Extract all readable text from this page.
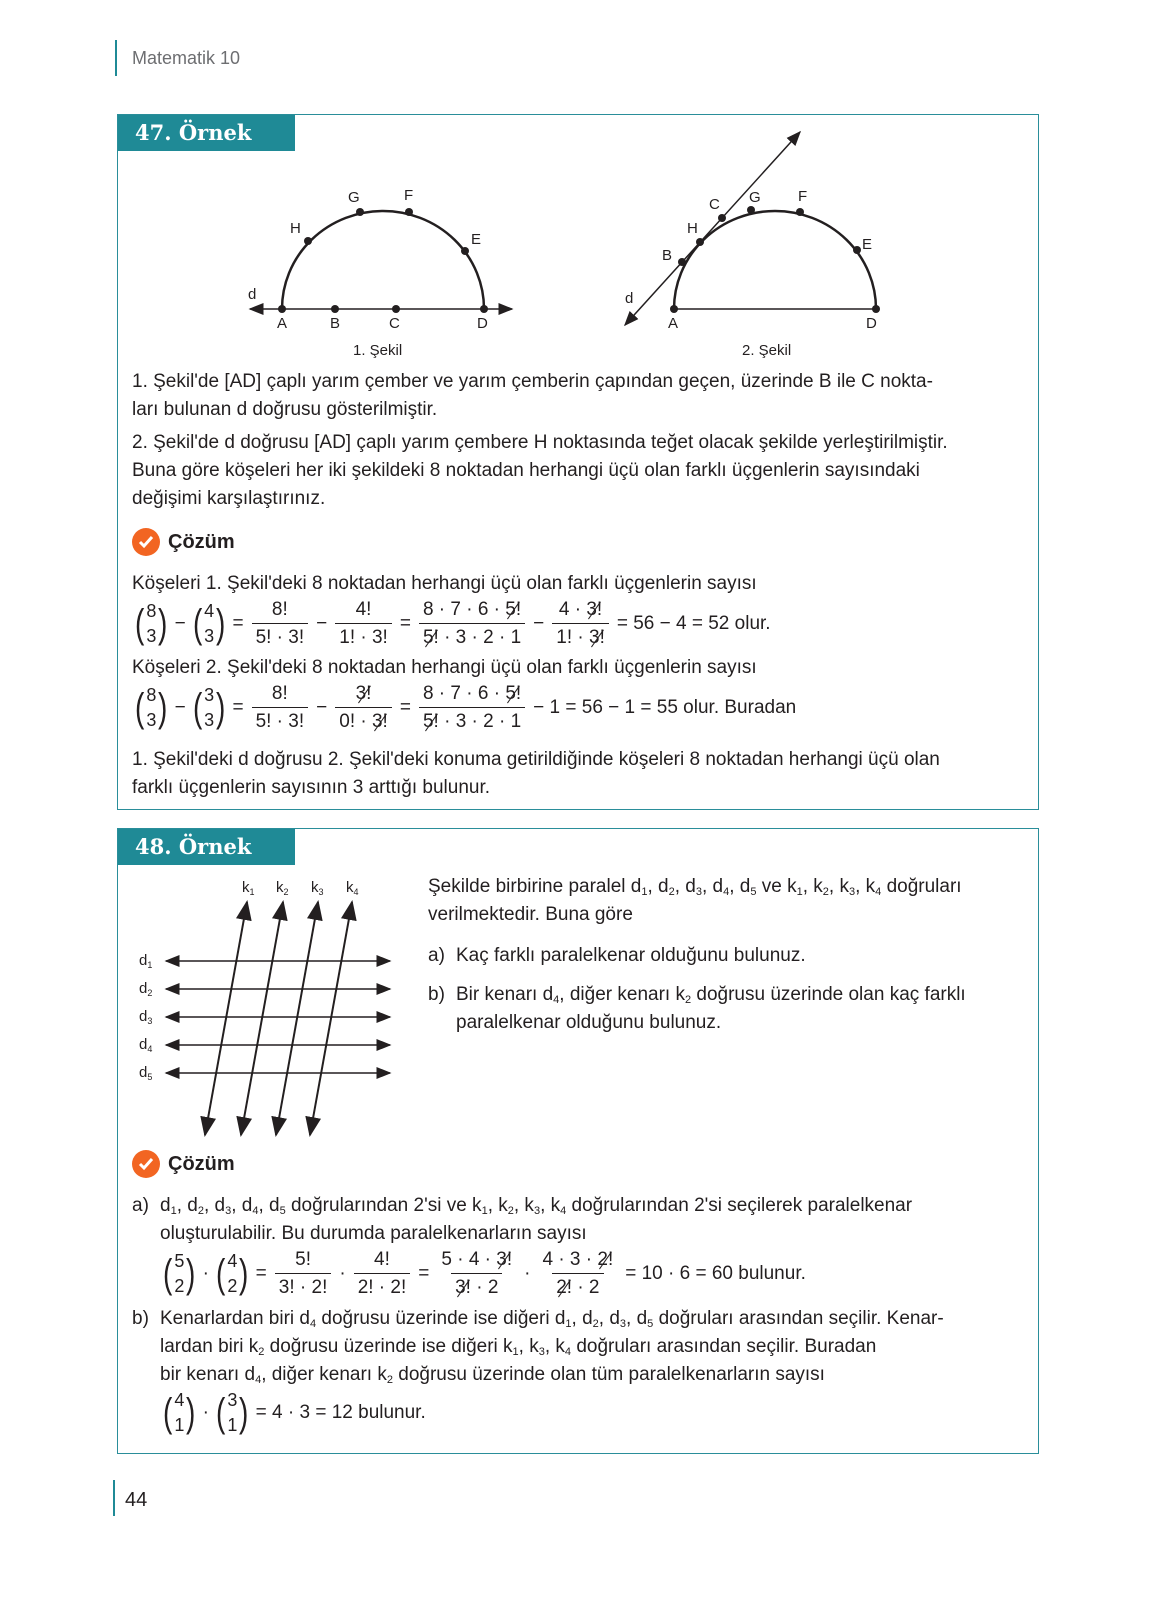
Matematik 10
47. Örnek
A	B	C	D
E
F
G
H
d
1. Şekil
A	D
E
F
G
C
H
B
d
2. Şekil
1. Şekil'de [AD] çaplı yarım çember ve yarım çemberin çapından geçen, üzerinde B ile C nokta-
ları bulunan d doğrusu gösterilmiştir.
2. Şekil'de d doğrusu [AD] çaplı yarım çembere H noktasında teğet olacak şekilde yerleştirilmiştir.
Buna göre köşeleri her iki şekildeki 8 noktadan herhangi üçü olan farklı üçgenlerin sayısındaki
değişimi karşılaştırınız.
Çözüm
Köşeleri 1. Şekil'deki 8 noktadan herhangi üçü olan farklı üçgenlerin sayısı
( 8
3 ) − ( 4
3 ) = $\frac{8!}{5! \cdot 3!} - \frac{4!}{1! \cdot 3!} = \frac{8 \cdot 7 \cdot 6 \cdot 5!}{5! \cdot 3 \cdot 2 \cdot 1} - \frac{4 \cdot 3!}{1! \cdot 3!} = 56 - 4 = 52$ olur.
Köşeleri 2. Şekil'deki 8 noktadan herhangi üçü olan farklı üçgenlerin sayısı
( 8
3 ) − ( 3
3 ) = $\frac{8!}{5! \cdot 3!} - \frac{3!}{0! \cdot 3!} = \frac{8 \cdot 7 \cdot 6 \cdot 5!}{5! \cdot 3 \cdot 2 \cdot 1} - 1 = 56 - 1 = 55$ olur. Buradan
1. Şekil'deki d doğrusu 2. Şekil'deki konuma getirildiğinde köşeleri 8 noktadan herhangi üçü olan
farklı üçgenlerin sayısının 3 arttığı bulunur.
48. Örnek
$k_1$ $k_2$ $k_3$ $k_4$
$d_1$
$d_2$
$d_3$
$d_4$
$d_5$
Şekilde birbirine paralel $d_1$, $d_2$, $d_3$, $d_4$, $d_5$ ve $k_1$, $k_2$, $k_3$, $k_4$ doğruları
verilmektedir. Buna göre
a) Kaç farklı paralelkenar olduğunu bulunuz.
b) Bir kenarı $d_4$, diğer kenarı $k_2$ doğrusu üzerinde olan kaç farklı
paralelkenar olduğunu bulunuz.
Çözüm
a) $d_1$, $d_2$, $d_3$, $d_4$, $d_5$ doğrularından 2'si ve $k_1$, $k_2$, $k_3$, $k_4$ doğrularından 2'si seçilerek paralelkenar
oluşturulabilir. Bu durumda paralelkenarların sayısı
( 5
2 ) · ( 4
2 ) = $\frac{5!}{3! \cdot 2!} \cdot \frac{4!}{2! \cdot 2!} = \frac{5 \cdot 4 \cdot 3!}{3! \cdot 2} \cdot \frac{4 \cdot 3 \cdot 2!}{2! \cdot 2} = 10 \cdot 6 = 60$ bulunur.
b) Kenarlardan biri $d_4$ doğrusu üzerinde ise diğeri $d_1$, $d_2$, $d_3$, $d_5$ doğruları arasından seçilir. Kenar-
lardan biri $k_2$ doğrusu üzerinde ise diğeri $k_1$, $k_3$, $k_4$ doğruları arasından seçilir. Buradan
bir kenarı $d_4$, diğer kenarı $k_2$ doğrusu üzerinde olan tüm paralelkenarların sayısı
( 4
1 ) · ( 3
1 ) = 4 · 3 = 12 bulunur.
44
